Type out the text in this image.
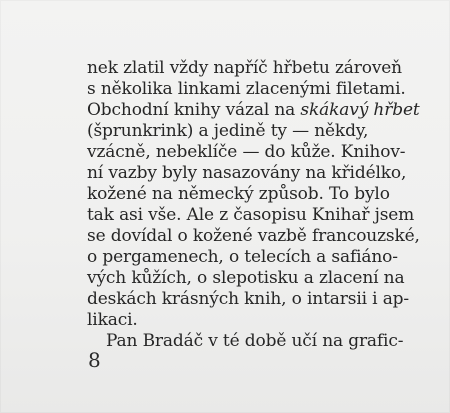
nek zlatil vždy napříč hřbetu zároveň
s několika linkami zlacenými filetami.
Obchodní knihy vázal na skákavý hřbet
(šprunkrink) a jedině ty — někdy,
vzácně, nebeklíče — do kůže. Knihov-
ní vazby byly nasazovány na křidélko,
kožené na německý způsob. To bylo
tak asi vše. Ale z časopisu Knihař jsem
se dovídal o kožené vazbě francouzské,
o pergamenech, o telecích a safiáno-
vých kůžích, o slepotisku a zlacení na
deskách krásných knih, o intarsii i ap-
likaci.
Pan Bradáč v té době učí na grafic-
8
